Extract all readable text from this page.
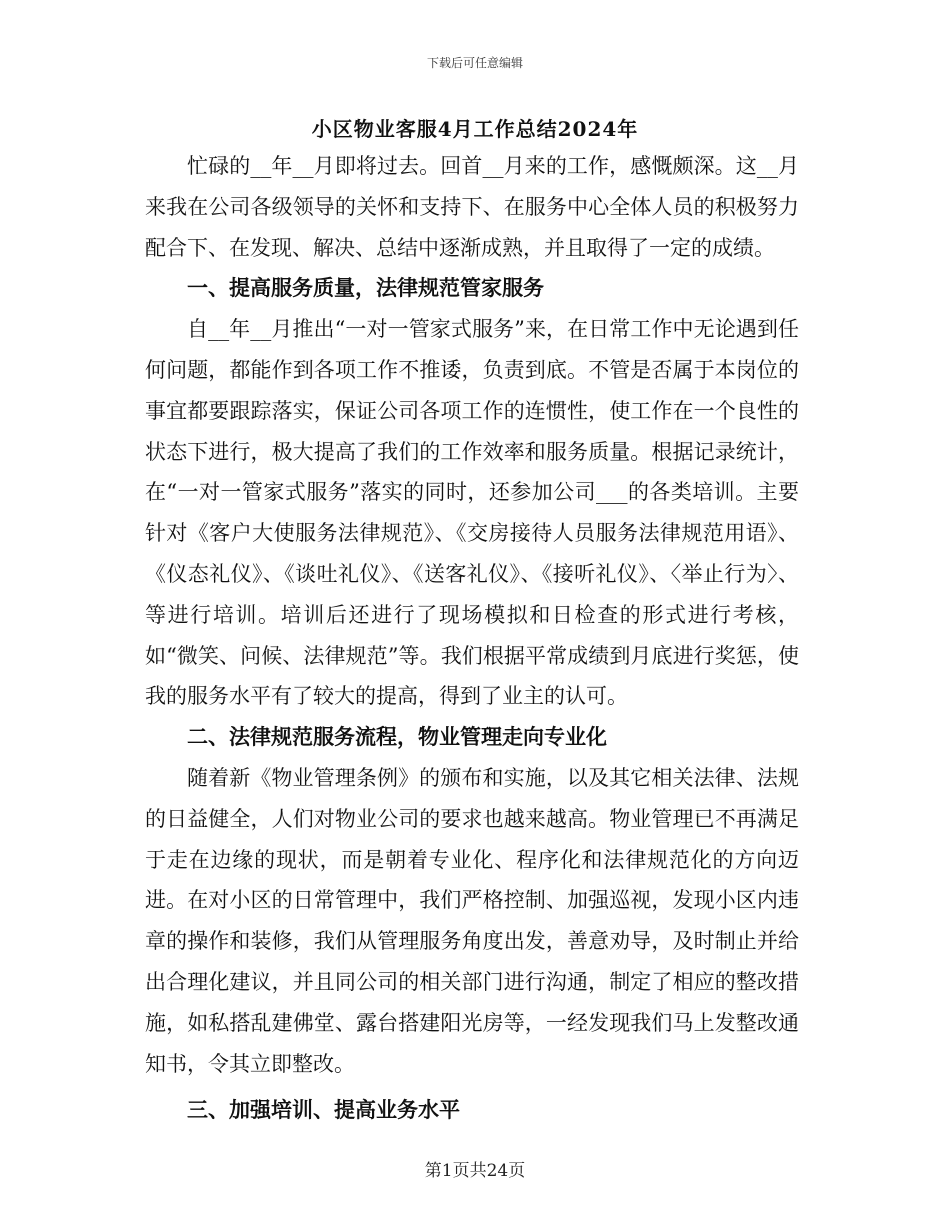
下载后可任意编辑
小区物业客服4月工作总结2024年

忙碌的__年__月即将过去。回首__月来的工作，感慨颇深。这__月来我在公司各级领导的关怀和支持下、在服务中心全体人员的积极努力配合下、在发现、解决、总结中逐渐成熟，并且取得了一定的成绩。

一、提高服务质量，法律规范管家服务

自__年__月推出“一对一管家式服务”来，在日常工作中无论遇到任何问题，都能作到各项工作不推诿，负责到底。不管是否属于本岗位的事宜都要跟踪落实，保证公司各项工作的连惯性，使工作在一个良性的状态下进行，极大提高了我们的工作效率和服务质量。根据记录统计，在“一对一管家式服务”落实的同时，还参加公司___的各类培训。主要针对《客户大使服务法律规范》、《交房接待人员服务法律规范用语》、《仪态礼仪》、《谈吐礼仪》、《送客礼仪》、《接听礼仪》、〈举止行为〉、等进行培训。培训后还进行了现场模拟和日检查的形式进行考核，如“微笑、问候、法律规范”等。我们根据平常成绩到月底进行奖惩，使我的服务水平有了较大的提高，得到了业主的认可。

二、法律规范服务流程，物业管理走向专业化

随着新《物业管理条例》的颁布和实施，以及其它相关法律、法规的日益健全，人们对物业公司的要求也越来越高。物业管理已不再满足于走在边缘的现状，而是朝着专业化、程序化和法律规范化的方向迈进。在对小区的日常管理中，我们严格控制、加强巡视，发现小区内违章的操作和装修，我们从管理服务角度出发，善意劝导，及时制止并给出合理化建议，并且同公司的相关部门进行沟通，制定了相应的整改措施，如私搭乱建佛堂、露台搭建阳光房等，一经发现我们马上发整改通知书，令其立即整改。

三、加强培训、提高业务水平

第1页共24页
